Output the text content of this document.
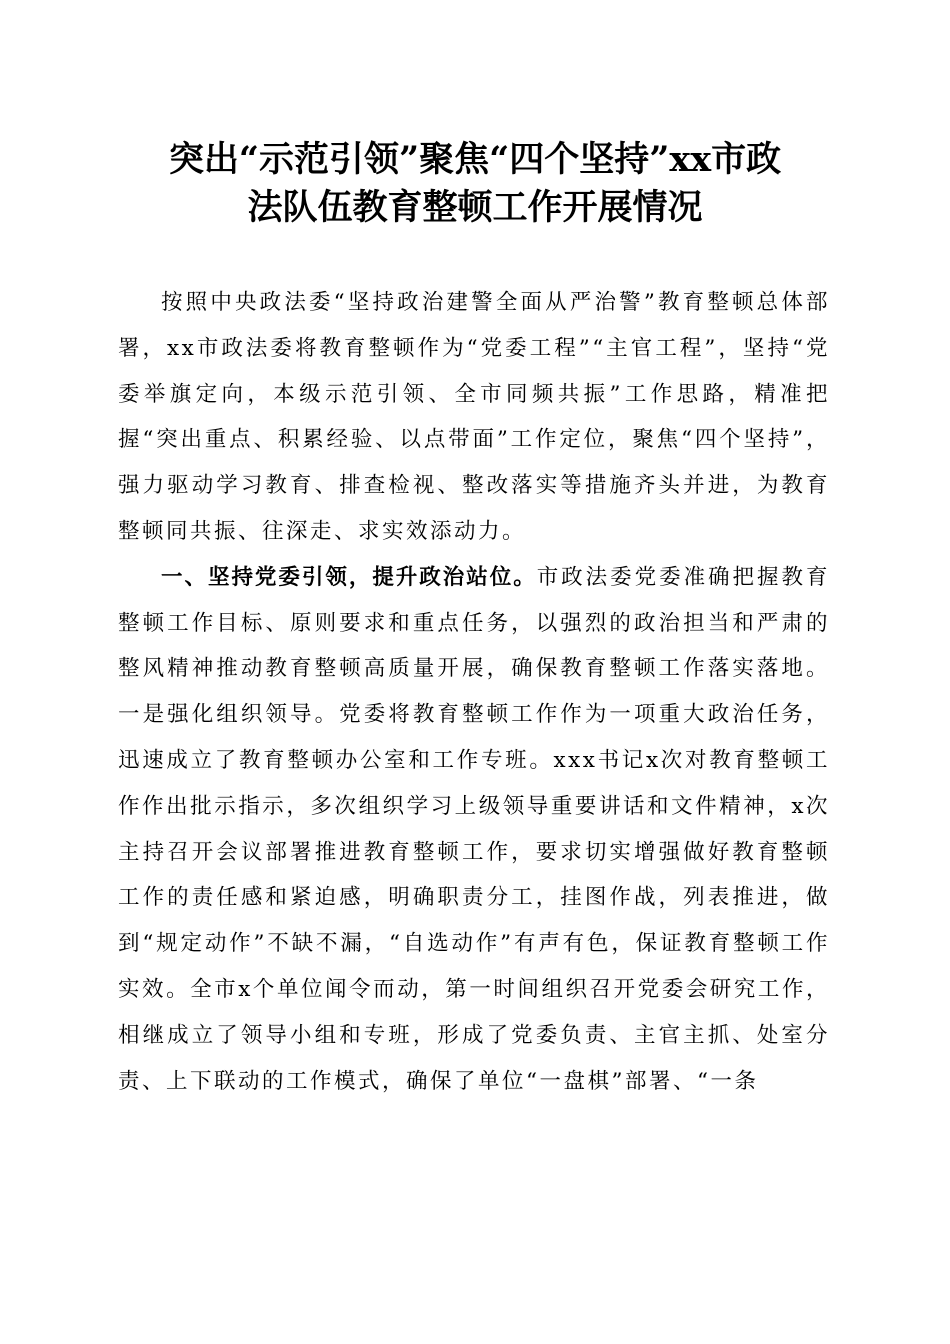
突出“示范引领”聚焦“四个坚持”xx市政
法队伍教育整顿工作开展情况

按照中央政法委“坚持政治建警全面从严治警”教育整顿总体部署，xx市政法委将教育整顿作为“党委工程”“主官工程”，坚持“党委举旗定向，本级示范引领、全市同频共振”工作思路，精准把握“突出重点、积累经验、以点带面”工作定位，聚焦“四个坚持”，强力驱动学习教育、排查检视、整改落实等措施齐头并进，为教育整顿同共振、往深走、求实效添动力。

一、坚持党委引领，提升政治站位。市政法委党委准确把握教育整顿工作目标、原则要求和重点任务，以强烈的政治担当和严肃的整风精神推动教育整顿高质量开展，确保教育整顿工作落实落地。一是强化组织领导。党委将教育整顿工作作为一项重大政治任务，迅速成立了教育整顿办公室和工作专班。xxx书记x次对教育整顿工作作出批示指示，多次组织学习上级领导重要讲话和文件精神，x次主持召开会议部署推进教育整顿工作，要求切实增强做好教育整顿工作的责任感和紧迫感，明确职责分工，挂图作战，列表推进，做到“规定动作”不缺不漏，“自选动作”有声有色，保证教育整顿工作实效。全市x个单位闻令而动，第一时间组织召开党委会研究工作，相继成立了领导小组和专班，形成了党委负责、主官主抓、处室分责、上下联动的工作模式，确保了单位“一盘棋”部署、“一条
